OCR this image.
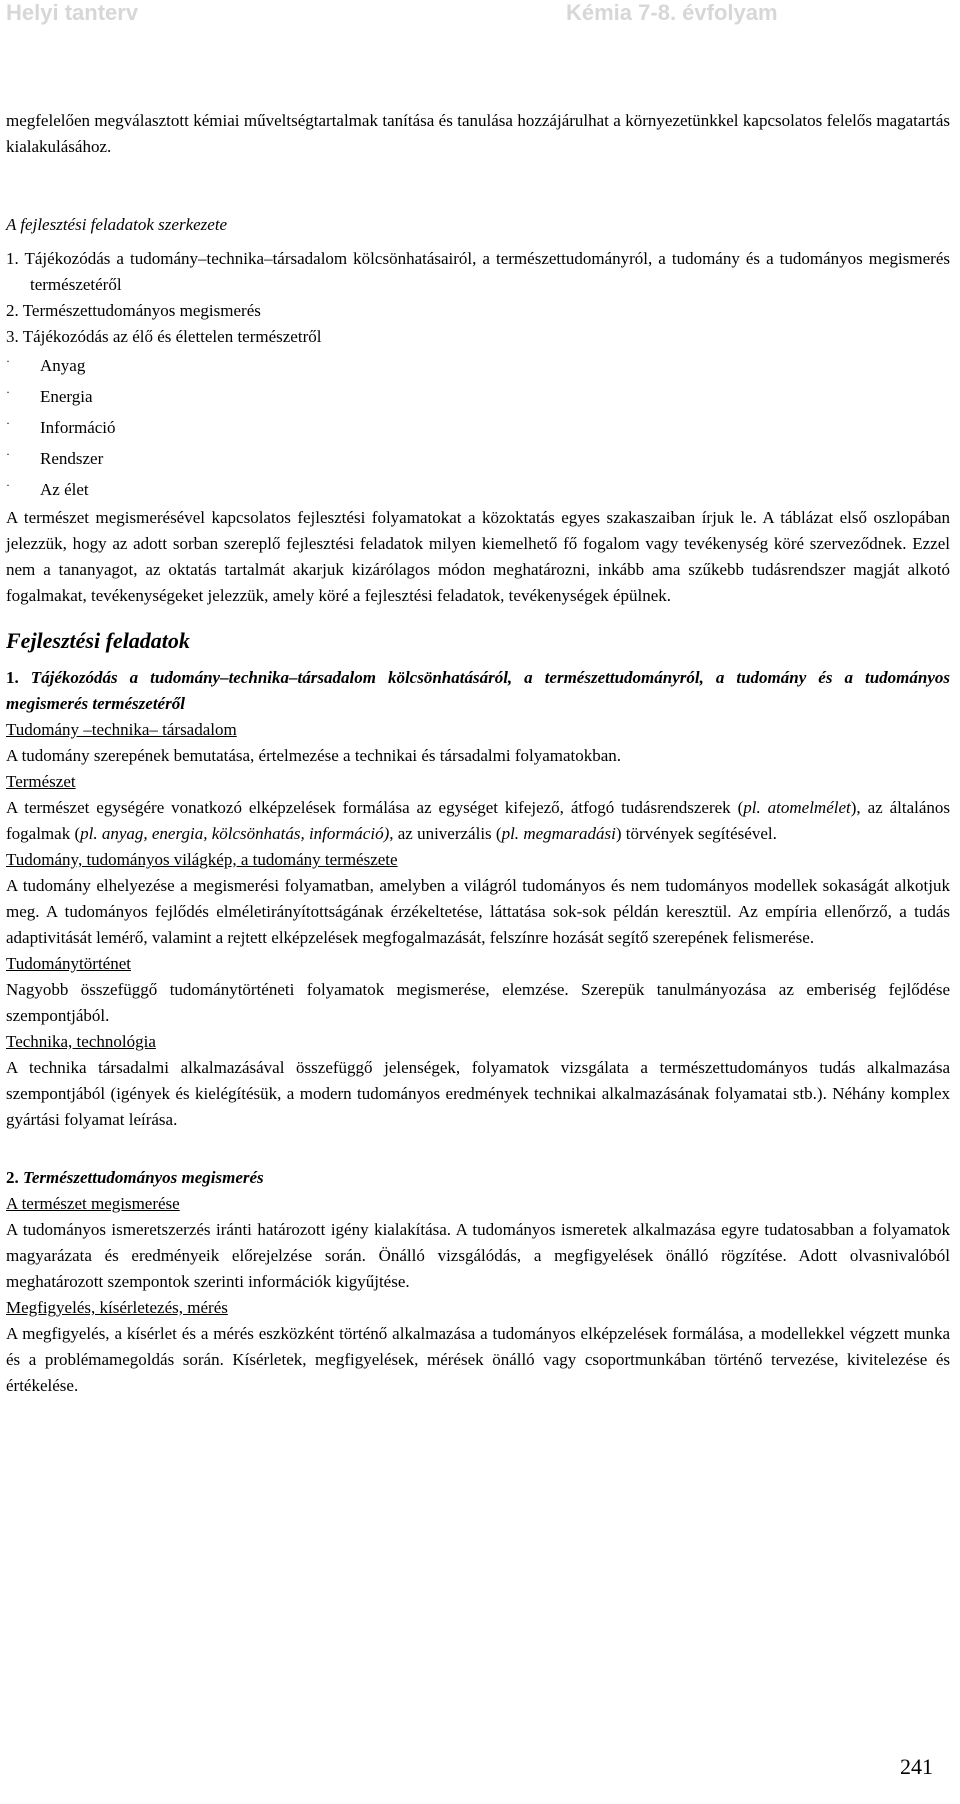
Helyi tanterv	Kémia 7-8. évfolyam

megfelelően megválasztott kémiai műveltségtartalmak tanítása és tanulása hozzájárulhat a környezetünkkel kapcsolatos felelős magatartás kialakulásához.

A fejlesztési feladatok szerkezete

1. Tájékozódás a tudomány–technika–társadalom kölcsönhatásairól, a természettudományról, a tudomány és a tudományos megismerés természetéről

2. Természettudományos megismerés

3. Tájékozódás az élő és élettelen természetről

· Anyag
· Energia
· Információ
· Rendszer
· Az élet

A természet megismerésével kapcsolatos fejlesztési folyamatokat a közoktatás egyes szakaszaiban írjuk le. A táblázat első oszlopában jelezzük, hogy az adott sorban szereplő fejlesztési feladatok milyen kiemelhető fő fogalom vagy tevékenység köré szerveződnek. Ezzel nem a tananyagot, az oktatás tartalmát akarjuk kizárólagos módon meghatározni, inkább ama szűkebb tudásrendszer magját alkotó fogalmakat, tevékenységeket jelezzük, amely köré a fejlesztési feladatok, tevékenységek épülnek.

Fejlesztési feladatok

1. Tájékozódás a tudomány–technika–társadalom kölcsönhatásáról, a természettudományról, a tudomány és a tudományos megismerés természetéről

Tudomány –technika– társadalom

A tudomány szerepének bemutatása, értelmezése a technikai és társadalmi folyamatokban.

Természet

A természet egységére vonatkozó elképzelések formálása az egységet kifejező, átfogó tudásrendszerek (pl. atomelmélet), az általános fogalmak (pl. anyag, energia, kölcsönhatás, információ), az univerzális (pl. megmaradási) törvények segítésével.

Tudomány, tudományos világkép, a tudomány természete

A tudomány elhelyezése a megismerési folyamatban, amelyben a világról tudományos és nem tudományos modellek sokaságát alkotjuk meg. A tudományos fejlődés elméletirányítottságának érzékeltetése, láttatása sok-sok példán keresztül. Az empíria ellenőrző, a tudás adaptivitását lemérő, valamint a rejtett elképzelések megfogalmazását, felszínre hozását segítő szerepének felismerése.

Tudománytörténet

Nagyobb összefüggő tudománytörténeti folyamatok megismerése, elemzése. Szerepük tanulmányozása az emberiség fejlődése szempontjából.

Technika, technológia

A technika társadalmi alkalmazásával összefüggő jelenségek, folyamatok vizsgálata a természettudományos tudás alkalmazása szempontjából (igények és kielégítésük, a modern tudományos eredmények technikai alkalmazásának folyamatai stb.). Néhány komplex gyártási folyamat leírása.

2. Természettudományos megismerés

A természet megismerése

A tudományos ismeretszerzés iránti határozott igény kialakítása. A tudományos ismeretek alkalmazása egyre tudatosabban a folyamatok magyarázata és eredményeik előrejelzése során. Önálló vizsgálódás, a megfigyelések önálló rögzítése. Adott olvasnivalóból meghatározott szempontok szerinti információk kigyűjtése.

Megfigyelés, kísérletezés, mérés

A megfigyelés, a kísérlet és a mérés eszközként történő alkalmazása a tudományos elképzelések formálása, a modellekkel végzett munka és a problémamegoldás során. Kísérletek, megfigyelések, mérések önálló vagy csoportmunkában történő tervezése, kivitelezése és értékelése.

241
